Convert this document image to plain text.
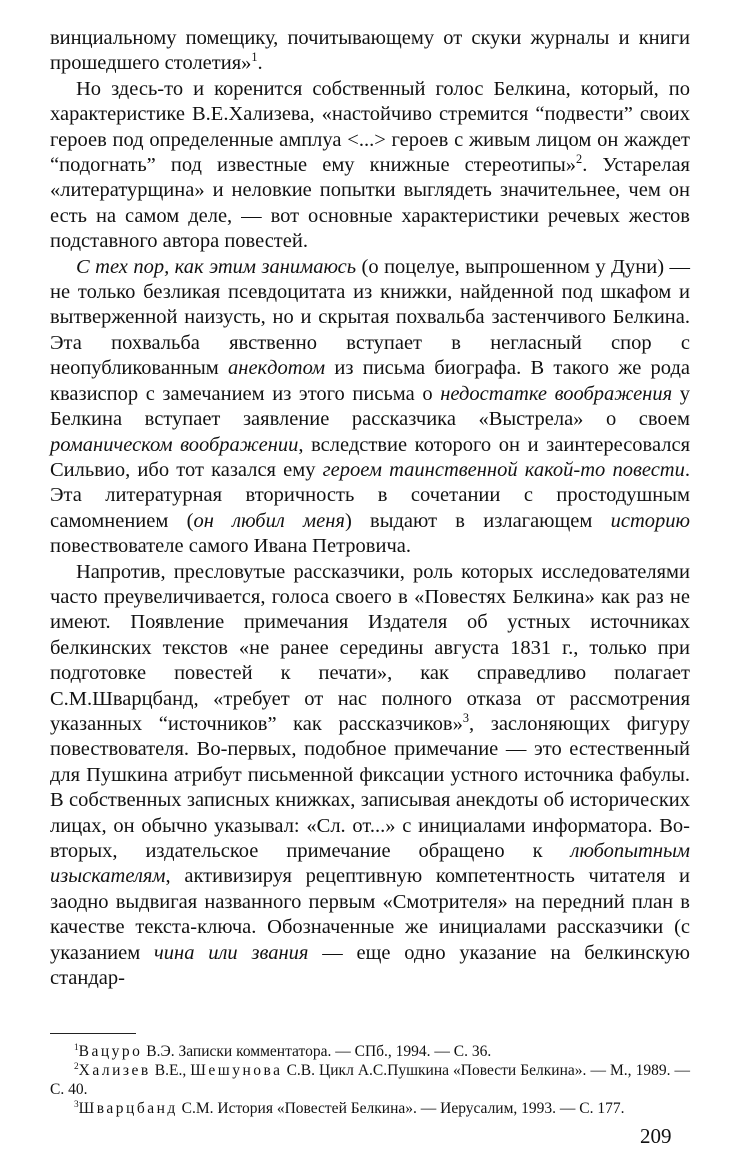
винциальному помещику, почитывающему от скуки журналы и книги прошедшего столетия»$^1$.

Но здесь-то и коренится собственный голос Белкина, который, по характеристике В.Е.Хализева, «настойчиво стремится “подвести” своих героев под определенные амплуа <...> героев с живым лицом он жаждет “подогнать” под известные ему книжные стереотипы»$^2$. Устарелая «литературщина» и неловкие попытки выглядеть значительнее, чем он есть на самом деле, — вот основные характеристики речевых жестов подставного автора повестей.

С тех пор, как этим занимаюсь (о поцелуе, выпрошенном у Дуни) — не только безликая псевдоцитата из книжки, найденной под шкафом и вытверженной наизусть, но и скрытая похвальба застенчивого Белкина. Эта похвальба явственно вступает в негласный спор с неопубликованным анекдотом из письма биографа. В такого же рода квазиспор с замечанием из этого письма о недостатке воображения у Белкина вступает заявление рассказчика «Выстрела» о своем романическом воображении, вследствие которого он и заинтересовался Сильвио, ибо тот казался ему героем таинственной какой-то повести. Эта литературная вторичность в сочетании с простодушным самомнением (он любил меня) выдают в излагающем историю повествователе самого Ивана Петровича.

Напротив, пресловутые рассказчики, роль которых исследователями часто преувеличивается, голоса своего в «Повестях Белкина» как раз не имеют. Появление примечания Издателя об устных источниках белкинских текстов «не ранее середины августа 1831 г., только при подготовке повестей к печати», как справедливо полагает С.М.Шварцбанд, «требует от нас полного отказа от рассмотрения указанных “источников” как рассказчиков»$^3$, заслоняющих фигуру повествователя. Во-первых, подобное примечание — это естественный для Пушкина атрибут письменной фиксации устного источника фабулы. В собственных записных книжках, записывая анекдоты об исторических лицах, он обычно указывал: «Сл. от...» с инициалами информатора. Во-вторых, издательское примечание обращено к любопытным изыскателям, активизируя рецептивную компетентность читателя и заодно выдвигая названного первым «Смотрителя» на передний план в качестве текста-ключа. Обозначенные же инициалами рассказчики (с указанием чина или звания — еще одно указание на белкинскую стандар-

$^1$Вацуро В.Э. Записки комментатора. — СПб., 1994. — С. 36.

$^2$Хализев В.Е., Шешунова С.В. Цикл А.С.Пушкина «Повести Белкина». — М., 1989. — С. 40.

$^3$Шварцбанд С.М. История «Повестей Белкина». — Иерусалим, 1993. — С. 177.

209
